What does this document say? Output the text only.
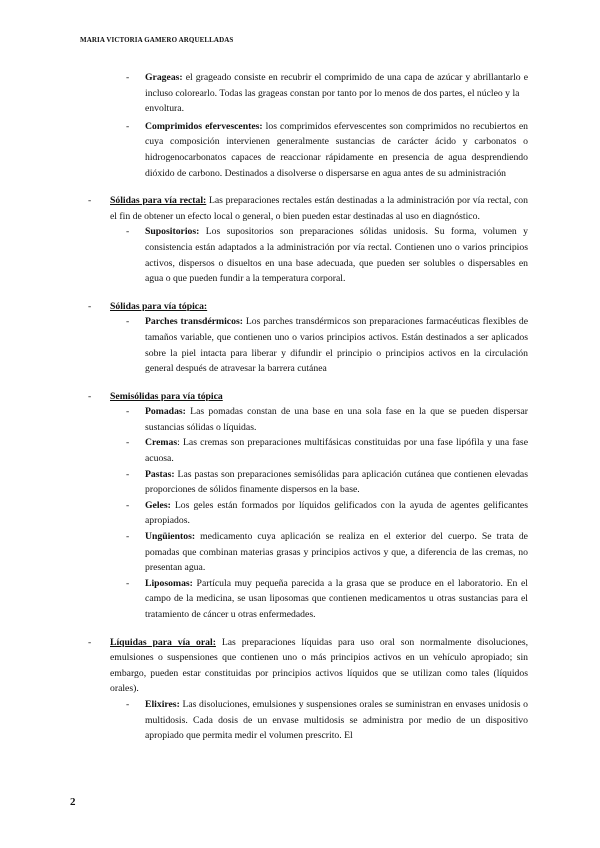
MARIA VICTORIA GAMERO ARQUELLADAS
- Grageas: el grageado consiste en recubrir el comprimido de una capa de azúcar y abrillantarlo e incluso colorearlo. Todas las grageas constan por tanto por lo menos de dos partes, el núcleo y la
envoltura.
- Comprimidos efervescentes: los comprimidos efervescentes son comprimidos no recubiertos en cuya composición intervienen generalmente sustancias de carácter ácido y carbonatos o hidrogenocarbonatos capaces de reaccionar rápidamente en presencia de agua desprendiendo dióxido de carbono. Destinados a disolverse o dispersarse en agua antes de su administración
- Sólidas para vía rectal: Las preparaciones rectales están destinadas a la administración por vía rectal, con el fin de obtener un efecto local o general, o bien pueden estar destinadas al uso en diagnóstico.
- Supositorios: Los supositorios son preparaciones sólidas unidosis. Su forma, volumen y consistencia están adaptados a la administración por vía rectal. Contienen uno o varios principios activos, dispersos o disueltos en una base adecuada, que pueden ser solubles o dispersables en agua o que pueden fundir a la temperatura corporal.
- Sólidas para vía tópica:
- Parches transdérmicos: Los parches transdérmicos son preparaciones farmacéuticas flexibles de tamaños variable, que contienen uno o varios principios activos. Están destinados a ser aplicados sobre la piel intacta para liberar y difundir el principio o principios activos en la circulación general después de atravesar la barrera cutánea
- Semisólidas para vía tópica
- Pomadas: Las pomadas constan de una base en una sola fase en la que se pueden dispersar sustancias sólidas o líquidas.
- Cremas: Las cremas son preparaciones multifásicas constituidas por una fase lipófila y una fase acuosa.
- Pastas: Las pastas son preparaciones semisólidas para aplicación cutánea que contienen elevadas proporciones de sólidos finamente dispersos en la base.
- Geles: Los geles están formados por líquidos gelificados con la ayuda de agentes gelificantes apropiados.
- Ungüientos: medicamento cuya aplicación se realiza en el exterior del cuerpo. Se trata de pomadas que combinan materias grasas y principios activos y que, a diferencia de las cremas, no presentan agua.
- Liposomas: Partícula muy pequeña parecida a la grasa que se produce en el laboratorio. En el campo de la medicina, se usan liposomas que contienen medicamentos u otras sustancias para el tratamiento de cáncer u otras enfermedades.
- Líquidas para vía oral: Las preparaciones líquidas para uso oral son normalmente disoluciones, emulsiones o suspensiones que contienen uno o más principios activos en un vehículo apropiado; sin embargo, pueden estar constituidas por principios activos líquidos que se utilizan como tales (líquidos orales).
- Elixires: Las disoluciones, emulsiones y suspensiones orales se suministran en envases unidosis o multidosis. Cada dosis de un envase multidosis se administra por medio de un dispositivo apropiado que permita medir el volumen prescrito. El
2
